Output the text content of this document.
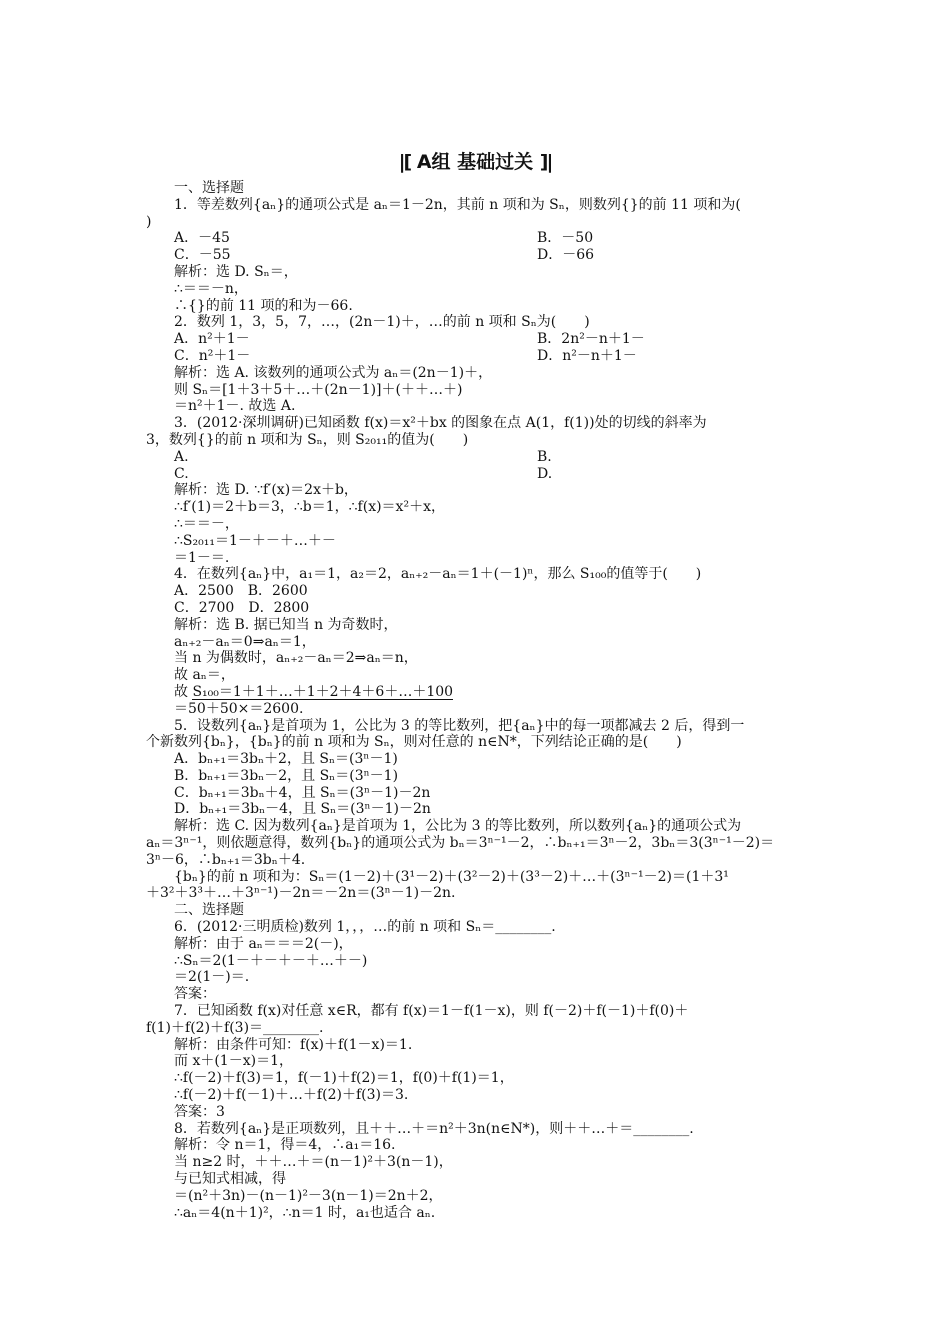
|[ A组 基础过关 ]|
一、选择题
1．等差数列{aₙ}的通项公式是 aₙ＝1－2n，其前 n 项和为 Sₙ，则数列{}的前 11 项和为(
)
A．－45	B．－50
C．－55	D．－66
解析：选 D. Sₙ＝，
∴＝＝－n，
∴{}的前 11 项的和为－66.
2．数列 1，3，5，7，…，(2n－1)＋，…的前 n 项和 Sₙ为(　　)
A．n²＋1－	B．2n²－n＋1－
C．n²＋1－	D．n²－n＋1－
解析：选 A. 该数列的通项公式为 aₙ＝(2n－1)＋，
则 Sₙ＝[1＋3＋5＋…＋(2n－1)]＋(＋＋…＋)
＝n²＋1－. 故选 A.
3．(2012·深圳调研)已知函数 f(x)＝x²＋bx 的图象在点 A(1，f(1))处的切线的斜率为
3，数列{}的前 n 项和为 Sₙ，则 S₂₀₁₁的值为(　　)
A.	B.
C.	D.
解析：选 D. ∵f′(x)＝2x＋b，
∴f′(1)＝2＋b＝3，∴b＝1，∴f(x)＝x²＋x，
∴＝＝－，
∴S₂₀₁₁＝1－＋－＋…＋－
＝1－＝.
4．在数列{aₙ}中，a₁＝1，a₂＝2，aₙ₊₂－aₙ＝1＋(－1)ⁿ，那么 S₁₀₀的值等于(　　)
A．2500　B．2600
C．2700　D．2800
解析：选 B. 据已知当 n 为奇数时，
aₙ₊₂－aₙ＝0⇒aₙ＝1，
当 n 为偶数时，aₙ₊₂－aₙ＝2⇒aₙ＝n，
故 aₙ＝，
故 S₁₀₀＝1＋1＋…＋1＋2＋4＋6＋…＋100
＝50＋50×＝2600.
5．设数列{aₙ}是首项为 1，公比为 3 的等比数列，把{aₙ}中的每一项都减去 2 后，得到一
个新数列{bₙ}，{bₙ}的前 n 项和为 Sₙ，则对任意的 n∈N*，下列结论正确的是(　　)
A．bₙ₊₁＝3bₙ＋2，且 Sₙ＝(3ⁿ－1)
B．bₙ₊₁＝3bₙ－2，且 Sₙ＝(3ⁿ－1)
C．bₙ₊₁＝3bₙ＋4，且 Sₙ＝(3ⁿ－1)－2n
D．bₙ₊₁＝3bₙ－4，且 Sₙ＝(3ⁿ－1)－2n
解析：选 C. 因为数列{aₙ}是首项为 1，公比为 3 的等比数列，所以数列{aₙ}的通项公式为
aₙ＝3ⁿ⁻¹，则依题意得，数列{bₙ}的通项公式为 bₙ＝3ⁿ⁻¹－2，∴bₙ₊₁＝3ⁿ－2，3bₙ＝3(3ⁿ⁻¹－2)＝
3ⁿ－6，∴bₙ₊₁＝3bₙ＋4.
{bₙ}的前 n 项和为：Sₙ＝(1－2)＋(3¹－2)＋(3²－2)＋(3³－2)＋…＋(3ⁿ⁻¹－2)＝(1＋3¹
＋3²＋3³＋…＋3ⁿ⁻¹)－2n＝－2n＝(3ⁿ－1)－2n.
二、选择题
6．(2012·三明质检)数列 1，，，…的前 n 项和 Sₙ＝________.
解析：由于 aₙ＝＝＝2(－)，
∴Sₙ＝2(1－＋－＋－＋…＋－)
＝2(1－)＝.
答案：
7．已知函数 f(x)对任意 x∈R，都有 f(x)＝1－f(1－x)，则 f(－2)＋f(－1)＋f(0)＋
f(1)＋f(2)＋f(3)＝________.
解析：由条件可知：f(x)＋f(1－x)＝1.
而 x＋(1－x)＝1，
∴f(－2)＋f(3)＝1，f(－1)＋f(2)＝1，f(0)＋f(1)＝1，
∴f(－2)＋f(－1)＋…＋f(2)＋f(3)＝3.
答案：3
8．若数列{aₙ}是正项数列，且＋＋…＋＝n²＋3n(n∈N*)，则＋＋…＋＝________.
解析：令 n＝1，得＝4，∴a₁＝16.
当 n≥2 时，＋＋…＋＝(n－1)²＋3(n－1)，
与已知式相减，得
＝(n²＋3n)－(n－1)²－3(n－1)＝2n＋2，
∴aₙ＝4(n＋1)²，∴n＝1 时，a₁也适合 aₙ.
